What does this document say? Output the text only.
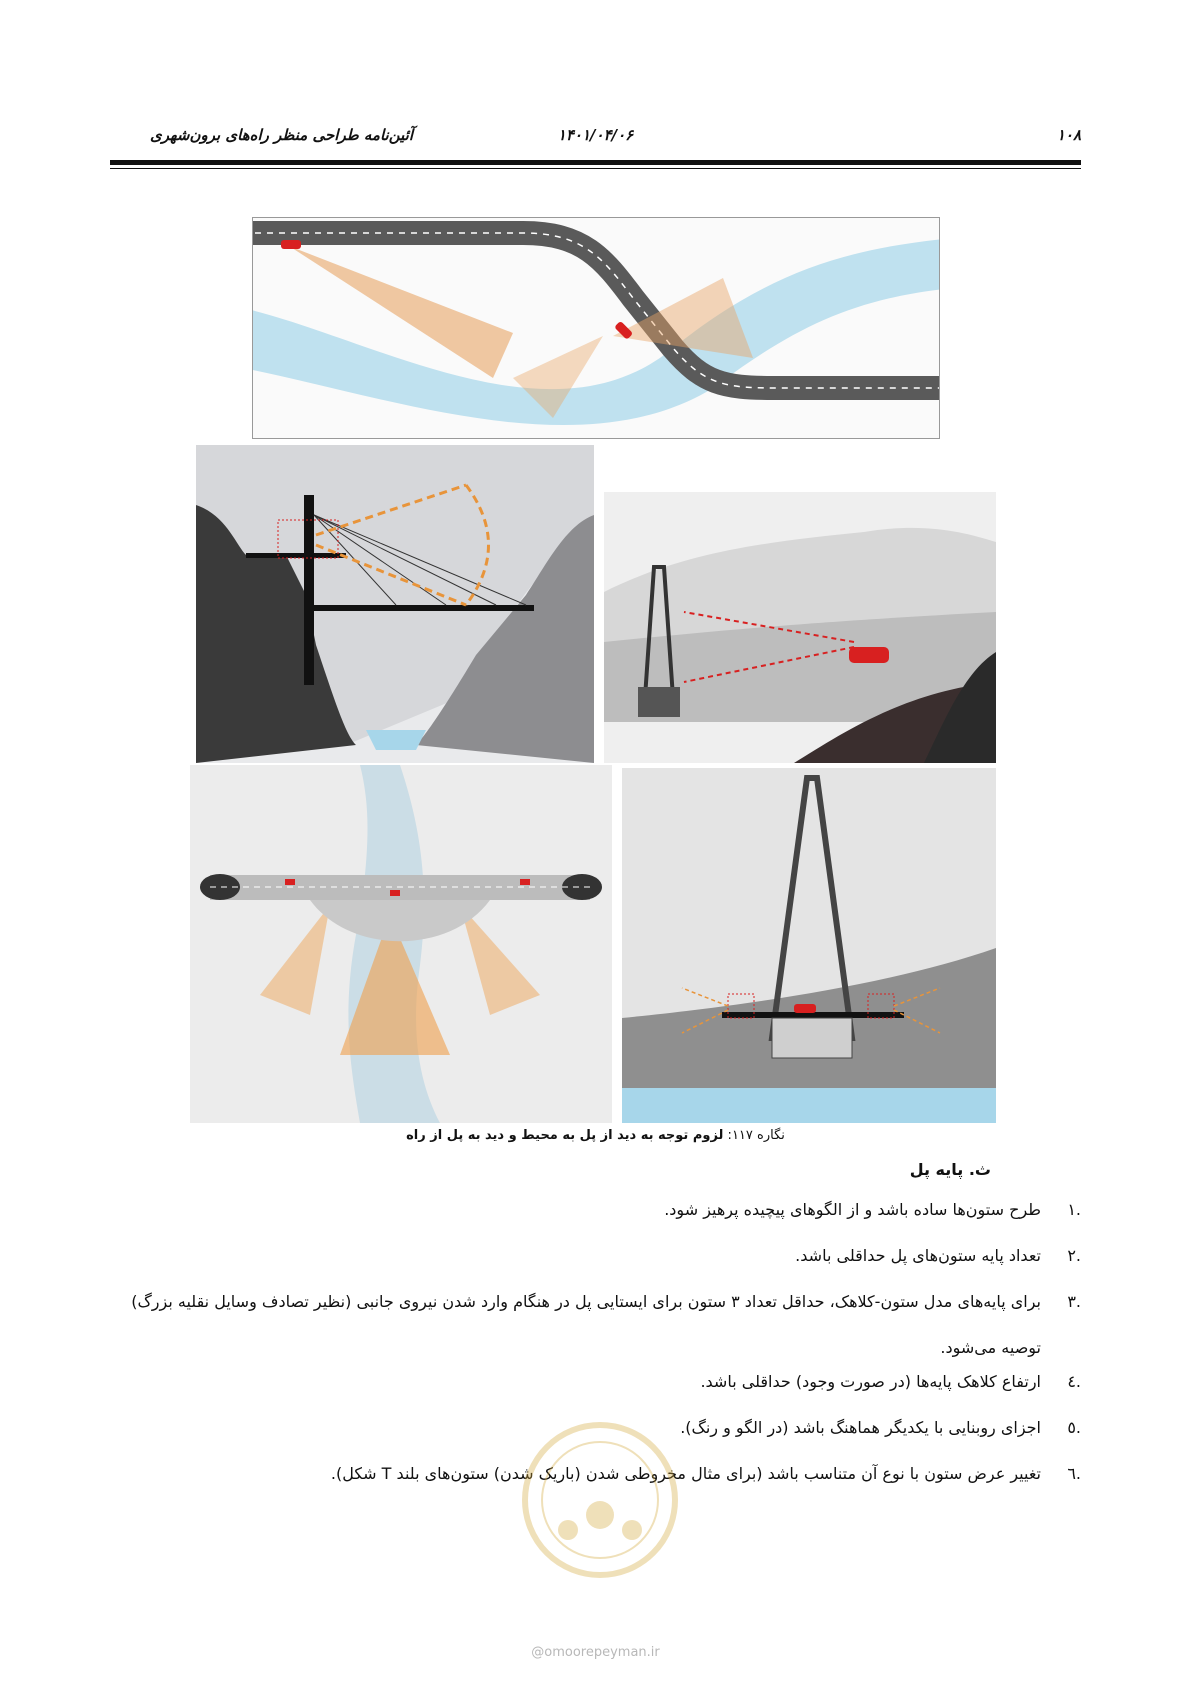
۱۰۸
۱۴۰۱/۰۴/۰۶
آئین‌نامه طراحی منظر راه‌های برون‌شهری
نگاره ۱۱۷: لزوم توجه به دید از پل به محیط و دید به پل از راه
ث. پایه پل
.۱
طرح ستون‌ها ساده باشد و از الگوهای پیچیده پرهیز شود.
.۲
تعداد پایه ستون‌های پل حداقلی باشد.
.۳
برای پایه‌های مدل ستون-کلاهک، حداقل تعداد ۳ ستون برای ایستایی پل در هنگام وارد شدن نیروی جانبی (نظیر تصادف وسایل نقلیه بزرگ) توصیه می‌شود.
.٤
ارتفاع کلاهک پایه‌ها (در صورت وجود) حداقلی باشد.
.٥
اجزای روبنایی با یکدیگر هماهنگ باشد (در الگو و رنگ).
.٦
تغییر عرض ستون با نوع آن متناسب باشد (برای مثال مخروطی شدن (باریک شدن) ستون‌های بلند T شکل).
@omoorepeyman.ir
